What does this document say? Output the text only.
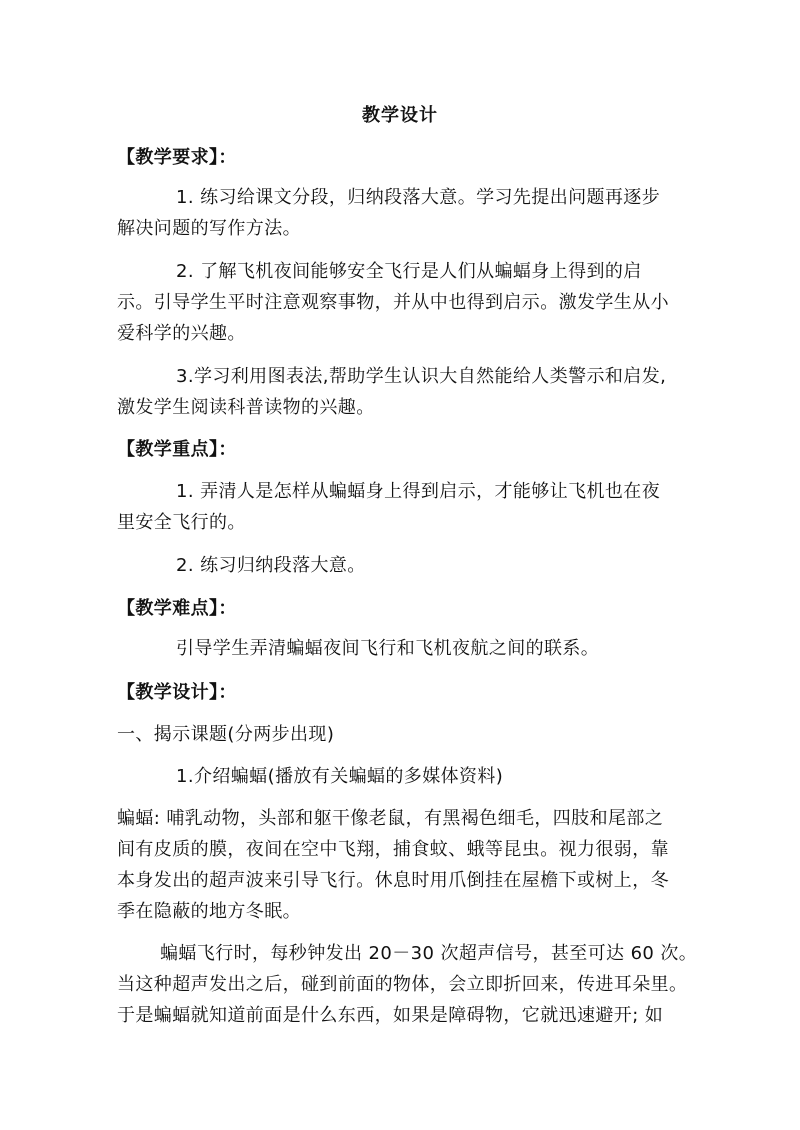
教学设计
【教学要求】：
1. 练习给课文分段，归纳段落大意。学习先提出问题再逐步
解决问题的写作方法。
2. 了解飞机夜间能够安全飞行是人们从蝙蝠身上得到的启
示。引导学生平时注意观察事物，并从中也得到启示。激发学生从小
爱科学的兴趣。
3.学习利用图表法,帮助学生认识大自然能给人类警示和启发,
激发学生阅读科普读物的兴趣。
【教学重点】：
1. 弄清人是怎样从蝙蝠身上得到启示，才能够让飞机也在夜
里安全飞行的。
2. 练习归纳段落大意。
【教学难点】：
引导学生弄清蝙蝠夜间飞行和飞机夜航之间的联系。
【教学设计】：
一、揭示课题(分两步出现)
1.介绍蝙蝠(播放有关蝙蝠的多媒体资料)
蝙蝠: 哺乳动物，头部和躯干像老鼠，有黑褐色细毛，四肢和尾部之
间有皮质的膜，夜间在空中飞翔，捕食蚊、蛾等昆虫。视力很弱，靠
本身发出的超声波来引导飞行。休息时用爪倒挂在屋檐下或树上，冬
季在隐蔽的地方冬眠。
蝙蝠飞行时，每秒钟发出 20－30 次超声信号，甚至可达 60 次。
当这种超声发出之后，碰到前面的物体，会立即折回来，传进耳朵里。
于是蝙蝠就知道前面是什么东西，如果是障碍物，它就迅速避开; 如
